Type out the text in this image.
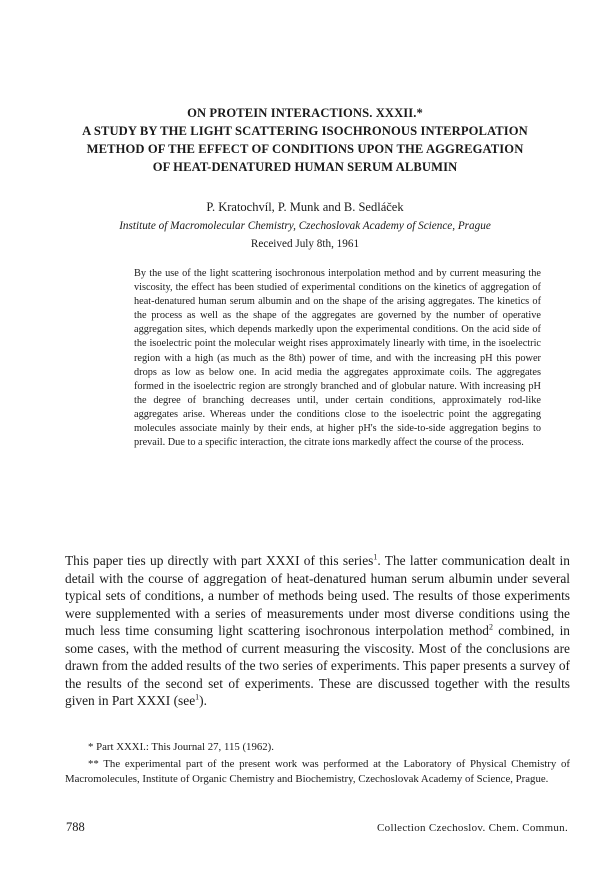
ON PROTEIN INTERACTIONS. XXXII.*
A STUDY BY THE LIGHT SCATTERING ISOCHRONOUS INTERPOLATION
METHOD OF THE EFFECT OF CONDITIONS UPON THE AGGREGATION
OF HEAT-DENATURED HUMAN SERUM ALBUMIN
P. Kratochvíl, P. Munk and B. Sedláček
Institute of Macromolecular Chemistry, Czechoslovak Academy of Science, Prague
Received July 8th, 1961
By the use of the light scattering isochronous interpolation method and by current measuring the viscosity, the effect has been studied of experimental conditions on the kinetics of aggregation of heat-denatured human serum albumin and on the shape of the arising aggregates. The kinetics of the process as well as the shape of the aggregates are governed by the number of operative aggregation sites, which depends markedly upon the experimental conditions. On the acid side of the isoelectric point the molecular weight rises approximately linearly with time, in the isoelectric region with a high (as much as the 8th) power of time, and with the increasing pH this power drops as low as below one. In acid media the aggregates approximate coils. The aggregates formed in the isoelectric region are strongly branched and of globular nature. With increasing pH the degree of branching decreases until, under certain conditions, approximately rod-like aggregates arise. Whereas under the conditions close to the isoelectric point the aggregating molecules associate mainly by their ends, at higher pH's the side-to-side aggregation begins to prevail. Due to a specific interaction, the citrate ions markedly affect the course of the process.
This paper ties up directly with part XXXI of this series$^1$. The latter communication dealt in detail with the course of aggregation of heat-denatured human serum albumin under several typical sets of conditions, a number of methods being used. The results of those experiments were supplemented with a series of measurements under most diverse conditions using the much less time consuming light scattering isochronous interpolation method$^2$ combined, in some cases, with the method of current measuring the viscosity. Most of the conclusions are drawn from the added results of the two series of experiments. This paper presents a survey of the results of the second set of experiments. These are discussed together with the results given in Part XXXI (see$^1$).
* Part XXXI.: This Journal 27, 115 (1962).
** The experimental part of the present work was performed at the Laboratory of Physical Chemistry of Macromolecules, Institute of Organic Chemistry and Biochemistry, Czechoslovak Academy of Science, Prague.
788	Collection Czechoslov. Chem. Commun.
